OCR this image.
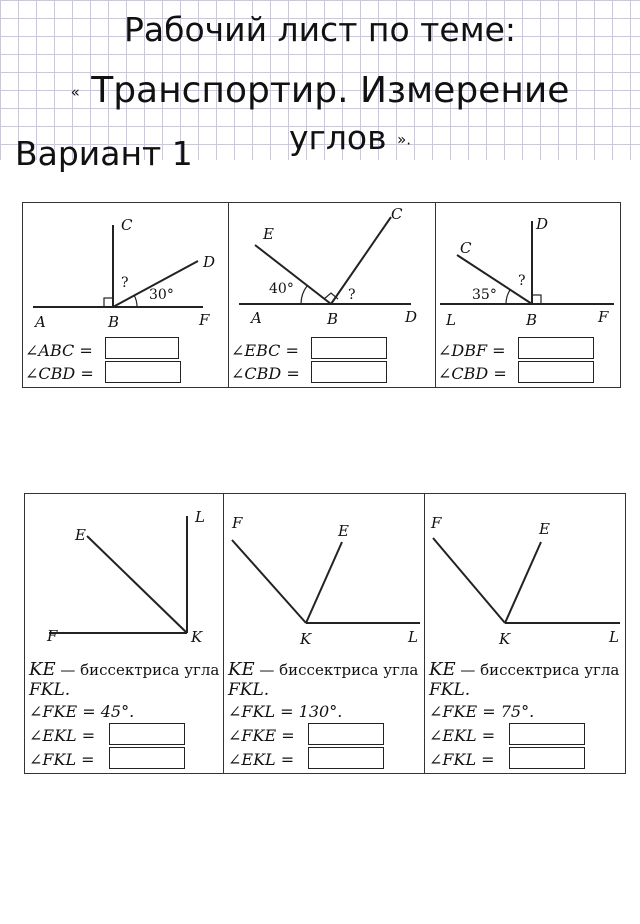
Рабочий лист по теме:
« Транспортир. Измерение
углов ».
Вариант 1
C
D
A	B	F
30°
?
∠ABC =
∠CBD =
E
C
A	B	D
40°	?
∠EBC =
∠CBD =
D
C
L	B	F
35°
?
∠DBF =
∠CBD =
L
E
F	K
KE — биссектриса угла
FKL.
∠FKE = 45°.
∠EKL =
∠FKL =
F	E
K	L
KE — биссектриса угла
FKL.
∠FKL = 130°.
∠FKE =
∠EKL =
F	E
K	L
KE — биссектриса угла
FKL.
∠FKE = 75°.
∠EKL =
∠FKL =
